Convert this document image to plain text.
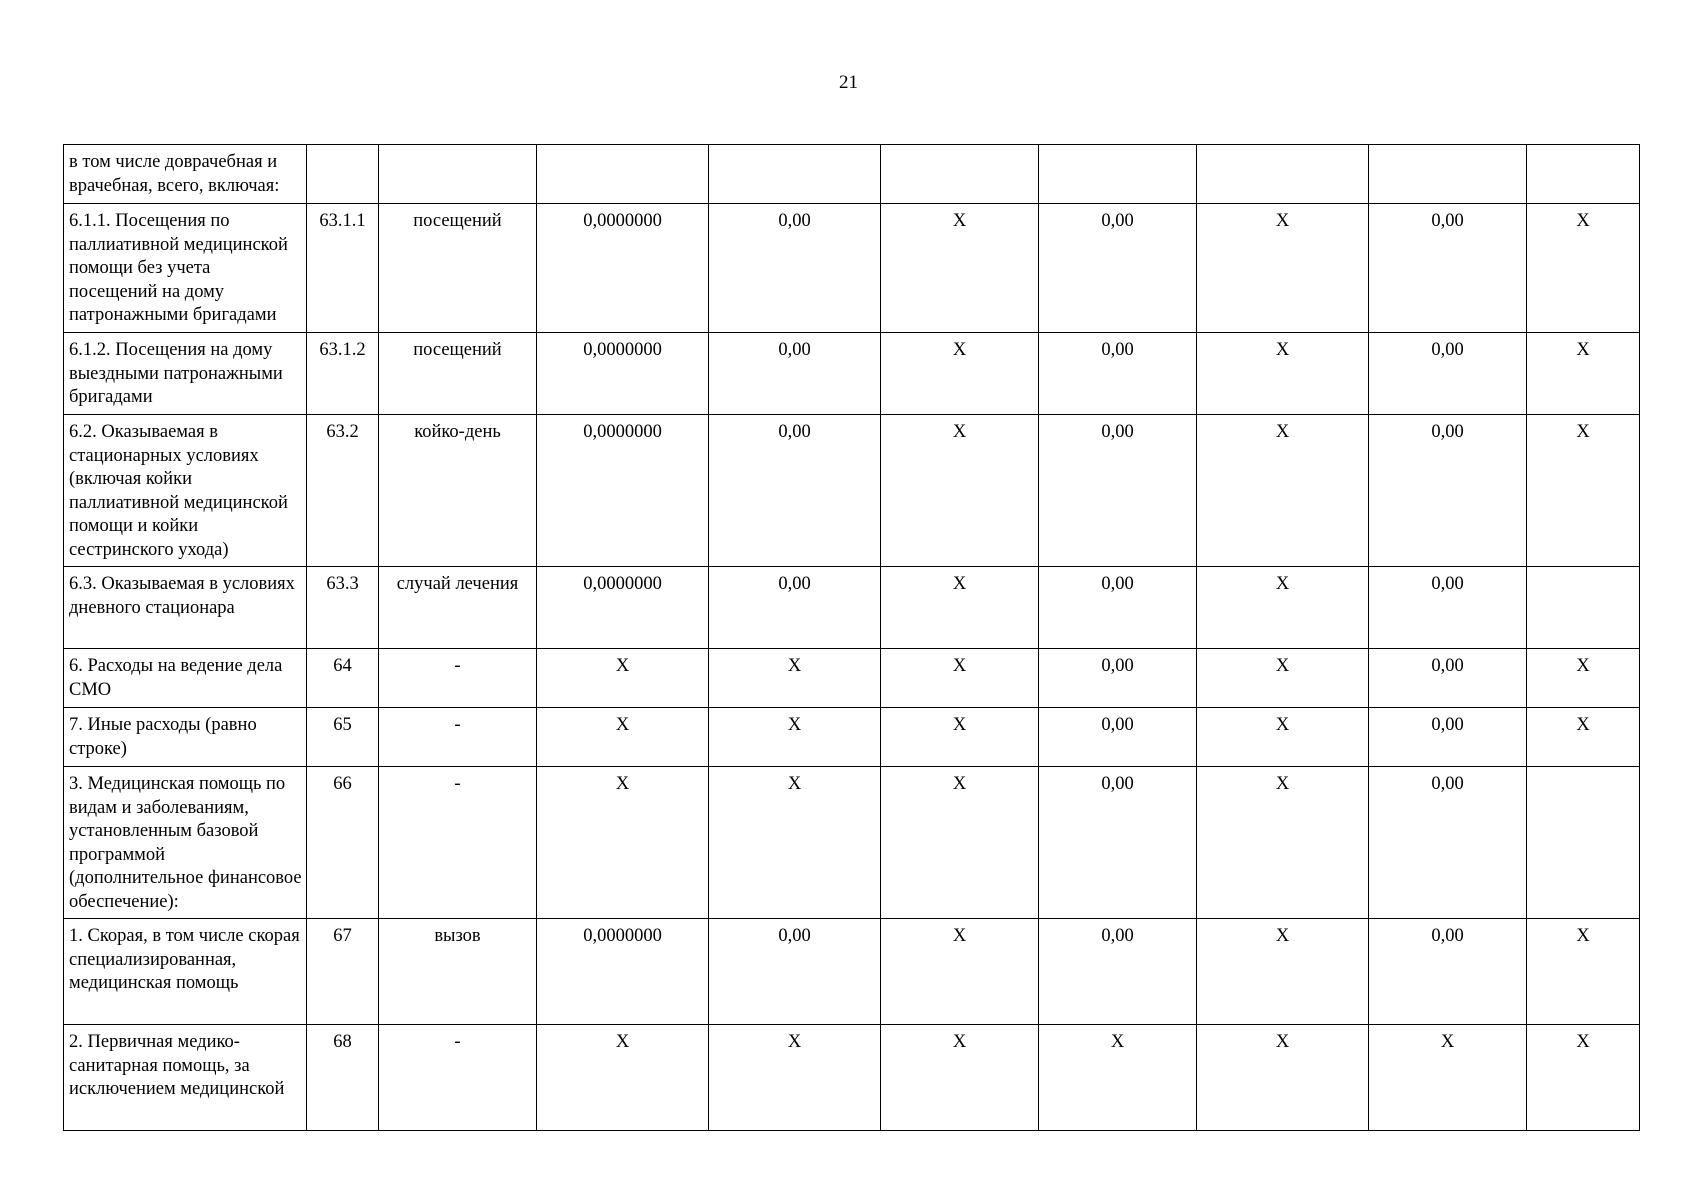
21
в том числе доврачебная и врачебная, всего, включая:									
6.1.1. Посещения по паллиативной медицинской помощи без учета посещений на дому патронажными бригадами	63.1.1	посещений	0,0000000	0,00	X	0,00	X	0,00	X
6.1.2. Посещения на дому выездными патронажными бригадами	63.1.2	посещений	0,0000000	0,00	X	0,00	X	0,00	X
6.2. Оказываемая в стационарных условиях (включая койки паллиативной медицинской помощи и койки сестринского ухода)	63.2	койко-день	0,0000000	0,00	X	0,00	X	0,00	X
6.3. Оказываемая в условиях дневного стационара	63.3	случай лечения	0,0000000	0,00	X	0,00	X	0,00	
6. Расходы на ведение дела СМО	64	-	X	X	X	0,00	X	0,00	X
7. Иные расходы (равно строке)	65	-	X	X	X	0,00	X	0,00	X
3. Медицинская помощь по видам и заболеваниям, установленным базовой программой (дополнительное финансовое обеспечение):	66	-	X	X	X	0,00	X	0,00	
1. Скорая, в том числе скорая специализированная, медицинская помощь	67	вызов	0,0000000	0,00	X	0,00	X	0,00	X
2. Первичная медико-санитарная помощь, за исключением медицинской	68	-	X	X	X	X	X	X	X
